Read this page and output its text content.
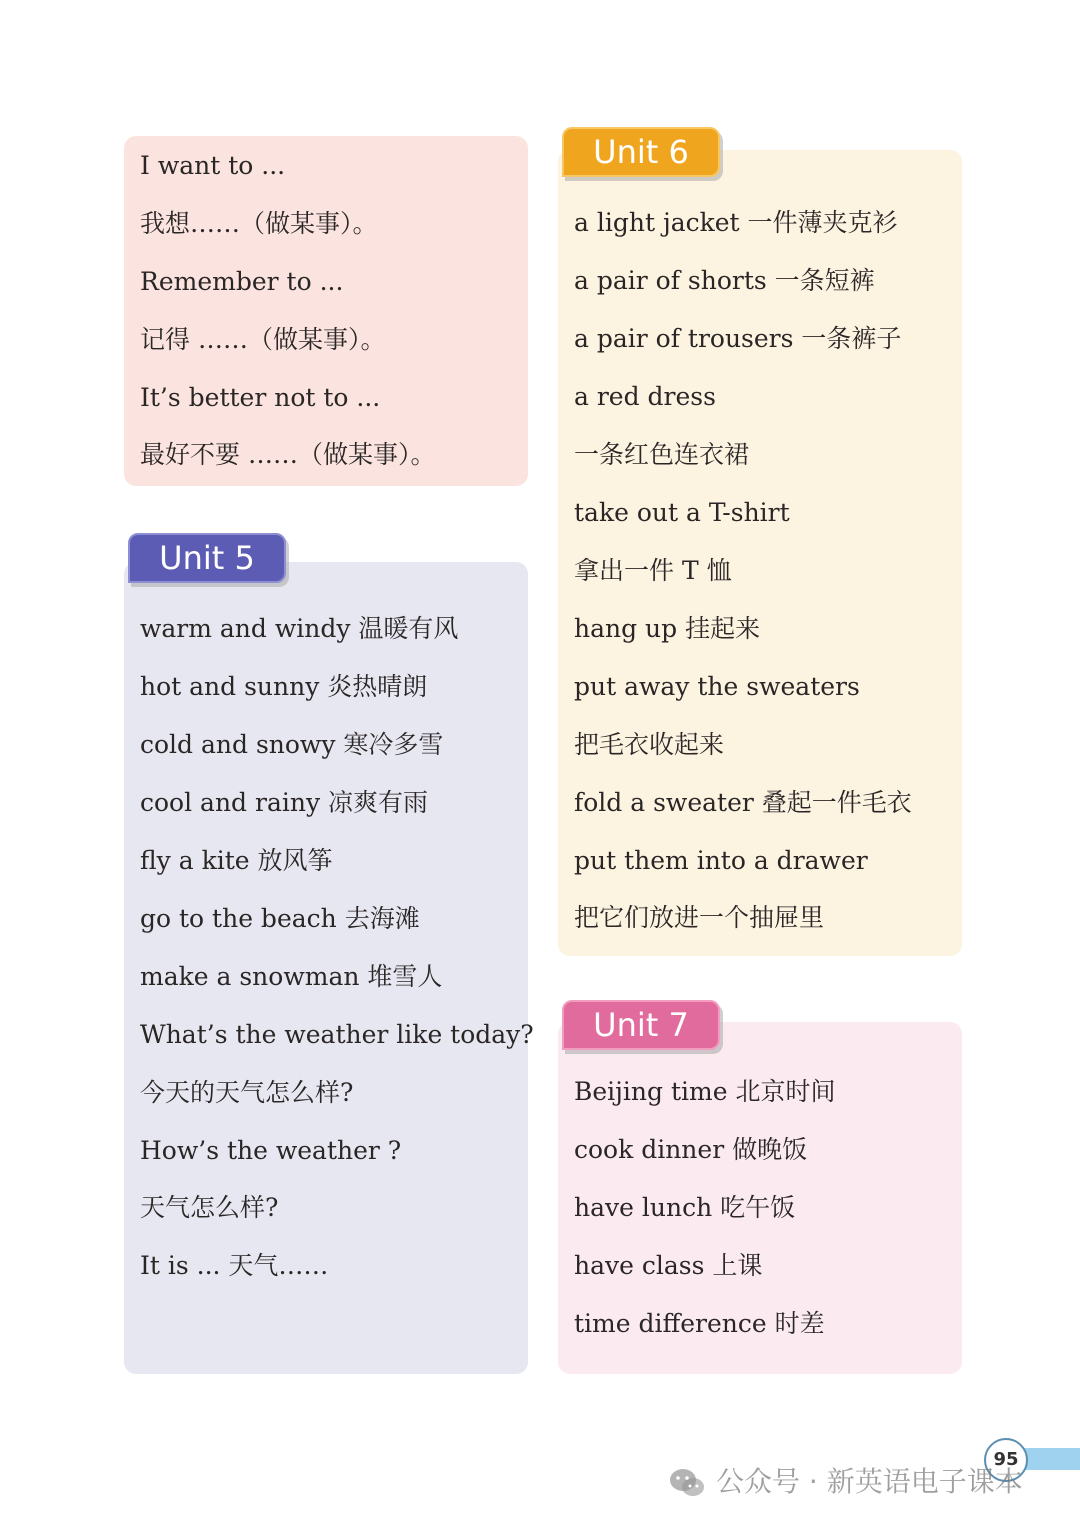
I want to ...
我想……（做某事）。
Remember to ...
记得 ……（做某事）。
It’s better not to ...
最好不要 ……（做某事）。
warm and windy 温暖有风
hot and sunny 炎热晴朗
cold and snowy 寒冷多雪
cool and rainy 凉爽有雨
fly a kite 放风筝
go to the beach 去海滩
make a snowman 堆雪人
What’s the weather like today?
今天的天气怎么样?
How’s the weather ?
天气怎么样?
It is ... 天气……
Unit 5
a light jacket 一件薄夹克衫
a pair of shorts 一条短裤
a pair of trousers 一条裤子
a red dress
一条红色连衣裙
take out a T-shirt
拿出一件 T 恤
hang up 挂起来
put away the sweaters
把毛衣收起来
fold a sweater 叠起一件毛衣
put them into a drawer
把它们放进一个抽屉里
Unit 6
Beijing time 北京时间
cook dinner 做晚饭
have lunch 吃午饭
have class 上课
time difference 时差
Unit 7
95
公众号 · 新英语电子课本
